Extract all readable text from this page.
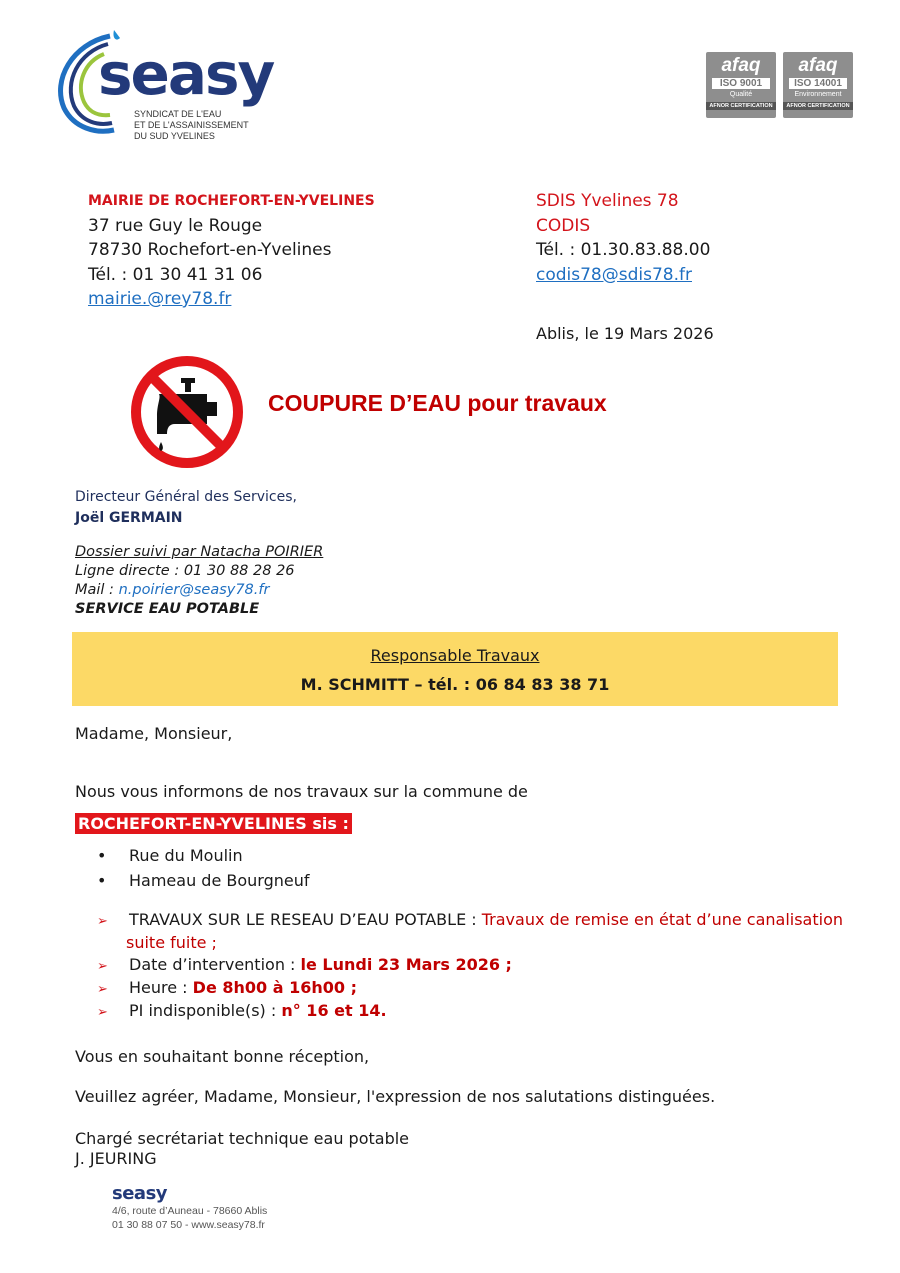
seasy
SYNDICAT DE L'EAU
ET DE L'ASSAINISSEMENT
DU SUD YVELINES
afaq
ISO 9001
Qualité
AFNOR CERTIFICATION
afaq
ISO 14001
Environnement
AFNOR CERTIFICATION
MAIRIE DE ROCHEFORT-EN-YVELINES
37 rue Guy le Rouge
78730 Rochefort-en-Yvelines
Tél. : 01 30 41 31 06
mairie.@rey78.fr
SDIS Yvelines 78
CODIS
Tél. : 01.30.83.88.00
codis78@sdis78.fr
Ablis, le 19 Mars 2026
COUPURE D’EAU pour travaux
Directeur Général des Services,
Joël GERMAIN
Dossier suivi par Natacha POIRIER
Ligne directe : 01 30 88 28 26
Mail : n.poirier@seasy78.fr
SERVICE EAU POTABLE
Responsable Travaux
M. SCHMITT – tél. : 06 84 83 38 71
Madame, Monsieur,
Nous vous informons de nos travaux sur la commune de
ROCHEFORT-EN-YVELINES sis :
• Rue du Moulin
• Hameau de Bourgneuf
➢ TRAVAUX SUR LE RESEAU D’EAU POTABLE : Travaux de remise en état d’une canalisation
suite fuite ;
➢ Date d’intervention : le Lundi 23 Mars 2026 ;
➢ Heure : De 8h00 à 16h00 ;
➢ PI indisponible(s) : n° 16 et 14.
Vous en souhaitant bonne réception,
Veuillez agréer, Madame, Monsieur, l'expression de nos salutations distinguées.
Chargé secrétariat technique eau potable
J. JEURING
seasy
4/6, route d’Auneau - 78660 Ablis
01 30 88 07 50 - www.seasy78.fr
